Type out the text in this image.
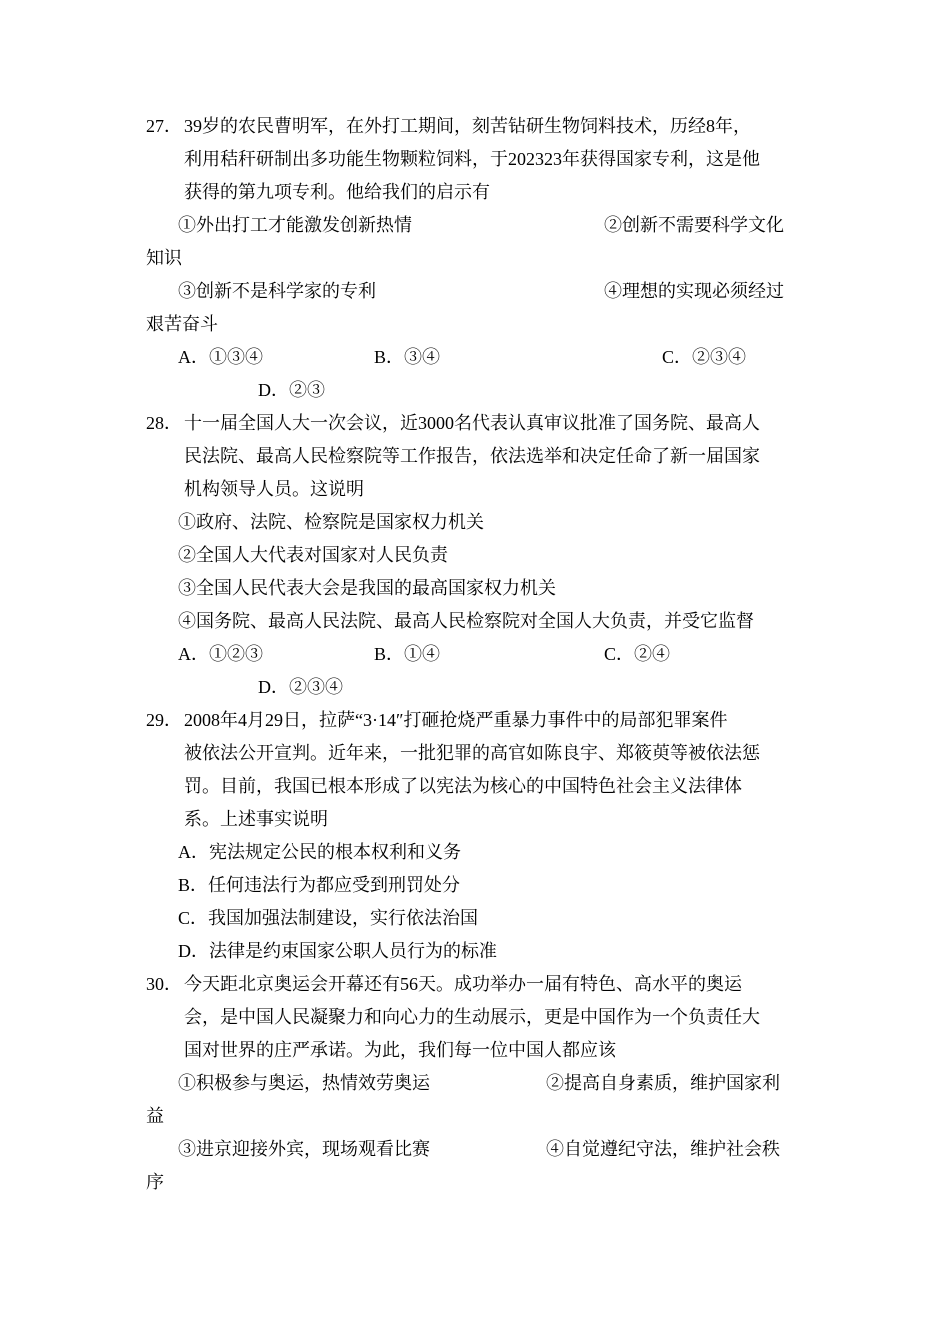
27． 39岁的农民曹明军，在外打工期间，刻苦钻研生物饲料技术，历经8年，
利用秸秆研制出多功能生物颗粒饲料，于202323年获得国家专利，这是他
获得的第九项专利。他给我们的启示有
①外出打工才能激发创新热情	②创新不需要科学文化
知识
③创新不是科学家的专利	④理想的实现必须经过
艰苦奋斗
A．①③④	B．③④	C．②③④
D．②③
28． 十一届全国人大一次会议，近3000名代表认真审议批准了国务院、最高人
民法院、最高人民检察院等工作报告，依法选举和决定任命了新一届国家
机构领导人员。这说明
①政府、法院、检察院是国家权力机关
②全国人大代表对国家对人民负责
③全国人民代表大会是我国的最高国家权力机关
④国务院、最高人民法院、最高人民检察院对全国人大负责，并受它监督
A．①②③	B．①④	C．②④
D．②③④
29． 2008年4月29日，拉萨“3·14″打砸抢烧严重暴力事件中的局部犯罪案件
被依法公开宣判。近年来，一批犯罪的高官如陈良宇、郑筱萸等被依法惩
罚。目前，我国已根本形成了以宪法为核心的中国特色社会主义法律体
系。上述事实说明
A．宪法规定公民的根本权利和义务
B．任何违法行为都应受到刑罚处分
C．我国加强法制建设，实行依法治国
D．法律是约束国家公职人员行为的标准
30． 今天距北京奥运会开幕还有56天。成功举办一届有特色、高水平的奥运
会，是中国人民凝聚力和向心力的生动展示，更是中国作为一个负责任大
国对世界的庄严承诺。为此，我们每一位中国人都应该
①积极参与奥运，热情效劳奥运	②提高自身素质，维护国家利
益
③进京迎接外宾，现场观看比赛	④自觉遵纪守法，维护社会秩
序
